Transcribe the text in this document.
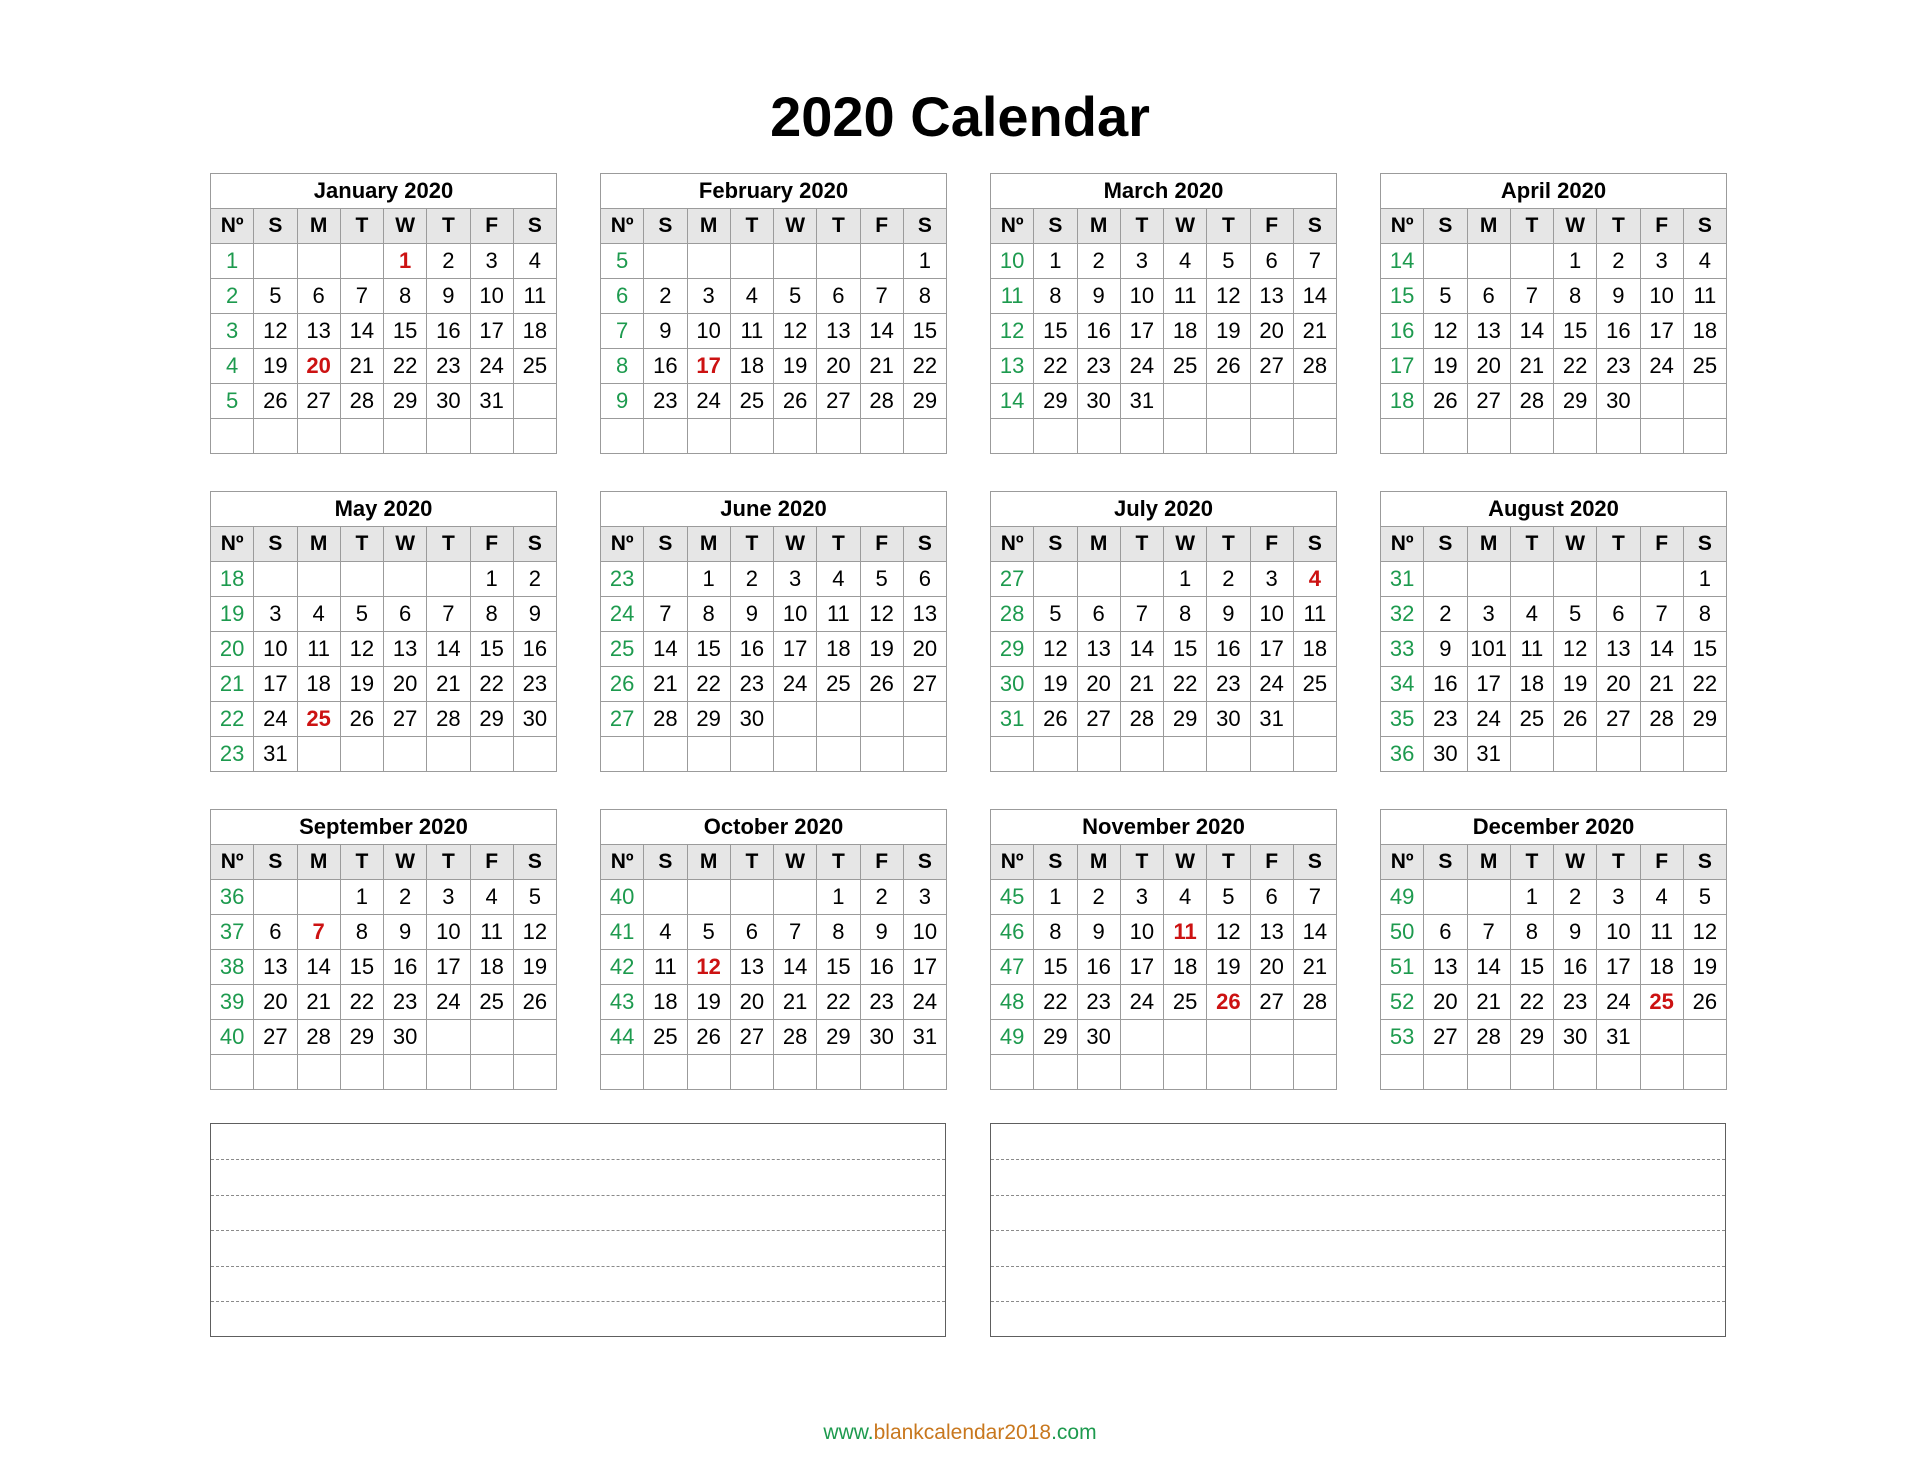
2020 Calendar
January 2020							
Nº	S	M	T	W	T	F	S
1				1	2	3	4
2	5	6	7	8	9	10	11
3	12	13	14	15	16	17	18
4	19	20	21	22	23	24	25
5	26	27	28	29	30	31	

February 2020							
Nº	S	M	T	W	T	F	S
5							1
6	2	3	4	5	6	7	8
7	9	10	11	12	13	14	15
8	16	17	18	19	20	21	22
9	23	24	25	26	27	28	29

March 2020							
Nº	S	M	T	W	T	F	S
10	1	2	3	4	5	6	7
11	8	9	10	11	12	13	14
12	15	16	17	18	19	20	21
13	22	23	24	25	26	27	28
14	29	30	31				

April 2020							
Nº	S	M	T	W	T	F	S
14				1	2	3	4
15	5	6	7	8	9	10	11
16	12	13	14	15	16	17	18
17	19	20	21	22	23	24	25
18	26	27	28	29	30		

May 2020							
Nº	S	M	T	W	T	F	S
18						1	2
19	3	4	5	6	7	8	9
20	10	11	12	13	14	15	16
21	17	18	19	20	21	22	23
22	24	25	26	27	28	29	30
23	31						
June 2020							
Nº	S	M	T	W	T	F	S
23		1	2	3	4	5	6
24	7	8	9	10	11	12	13
25	14	15	16	17	18	19	20
26	21	22	23	24	25	26	27
27	28	29	30				

July 2020							
Nº	S	M	T	W	T	F	S
27				1	2	3	4
28	5	6	7	8	9	10	11
29	12	13	14	15	16	17	18
30	19	20	21	22	23	24	25
31	26	27	28	29	30	31	

August 2020							
Nº	S	M	T	W	T	F	S
31							1
32	2	3	4	5	6	7	8
33	9	101	11	12	13	14	15
34	16	17	18	19	20	21	22
35	23	24	25	26	27	28	29
36	30	31					
September 2020							
Nº	S	M	T	W	T	F	S
36			1	2	3	4	5
37	6	7	8	9	10	11	12
38	13	14	15	16	17	18	19
39	20	21	22	23	24	25	26
40	27	28	29	30			

October 2020							
Nº	S	M	T	W	T	F	S
40					1	2	3
41	4	5	6	7	8	9	10
42	11	12	13	14	15	16	17
43	18	19	20	21	22	23	24
44	25	26	27	28	29	30	31

November 2020							
Nº	S	M	T	W	T	F	S
45	1	2	3	4	5	6	7
46	8	9	10	11	12	13	14
47	15	16	17	18	19	20	21
48	22	23	24	25	26	27	28
49	29	30					

December 2020							
Nº	S	M	T	W	T	F	S
49			1	2	3	4	5
50	6	7	8	9	10	11	12
51	13	14	15	16	17	18	19
52	20	21	22	23	24	25	26
53	27	28	29	30	31		

www.blankcalendar2018.com
